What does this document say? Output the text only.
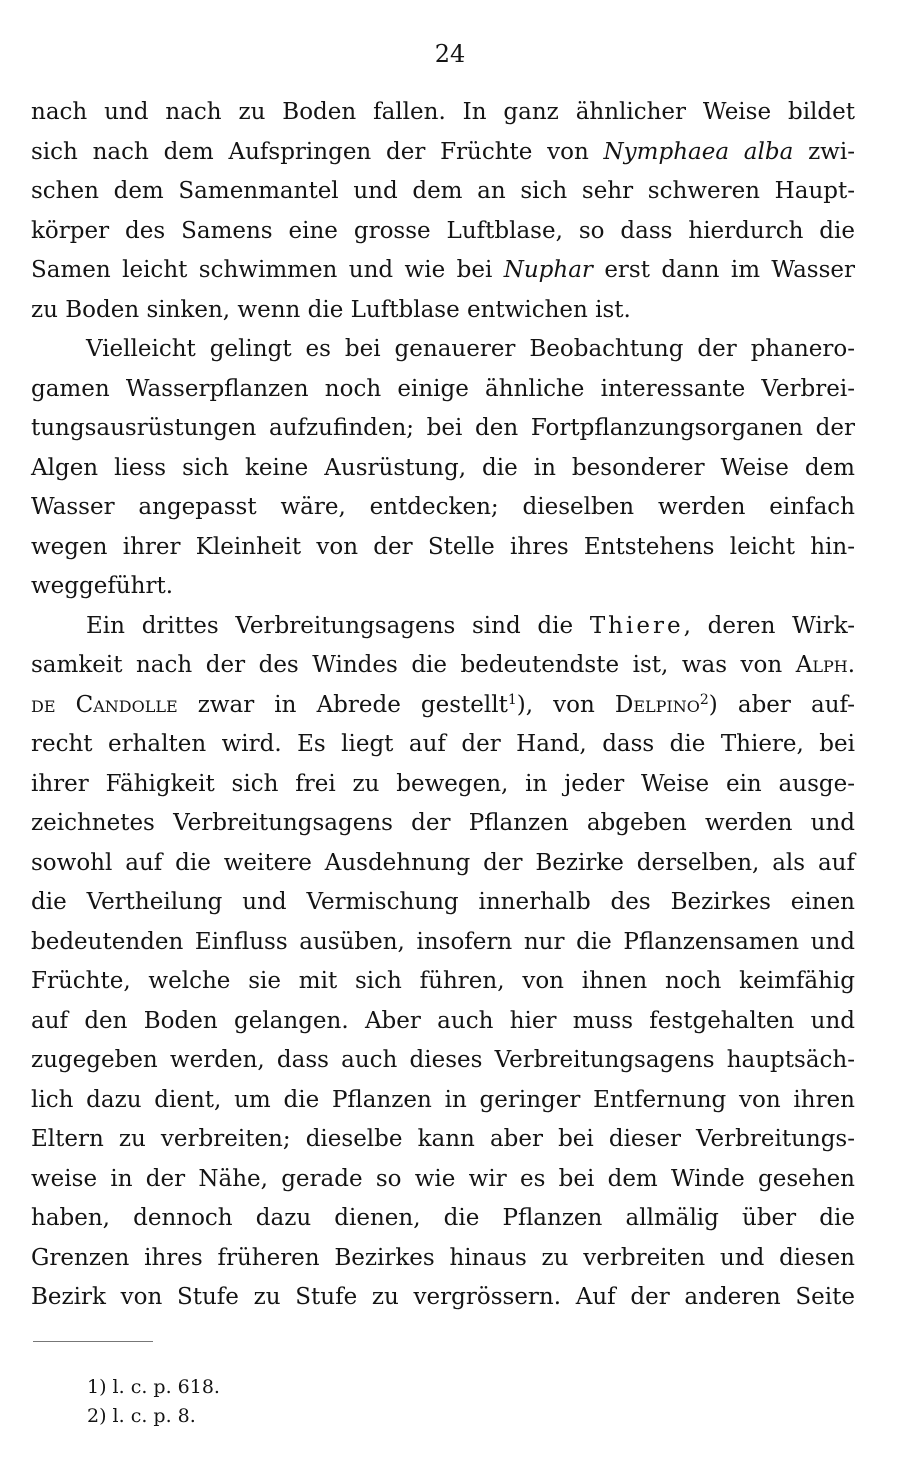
24
nach und nach zu Boden fallen. In ganz ähnlicher Weise bildet
sich nach dem Aufspringen der Früchte von Nymphaea alba zwi-
schen dem Samenmantel und dem an sich sehr schweren Haupt-
körper des Samens eine grosse Luftblase, so dass hierdurch die
Samen leicht schwimmen und wie bei Nuphar erst dann im Wasser
zu Boden sinken, wenn die Luftblase entwichen ist.
Vielleicht gelingt es bei genauerer Beobachtung der phanero-
gamen Wasserpflanzen noch einige ähnliche interessante Verbrei-
tungsausrüstungen aufzufinden; bei den Fortpflanzungsorganen der
Algen liess sich keine Ausrüstung, die in besonderer Weise dem
Wasser angepasst wäre, entdecken; dieselben werden einfach
wegen ihrer Kleinheit von der Stelle ihres Entstehens leicht hin-
weggeführt.
Ein drittes Verbreitungsagens sind die Thiere, deren Wirk-
samkeit nach der des Windes die bedeutendste ist, was von Alph.
de Candolle zwar in Abrede gestellt$^1$), von Delpino$^2$) aber auf-
recht erhalten wird. Es liegt auf der Hand, dass die Thiere, bei
ihrer Fähigkeit sich frei zu bewegen, in jeder Weise ein ausge-
zeichnetes Verbreitungsagens der Pflanzen abgeben werden und
sowohl auf die weitere Ausdehnung der Bezirke derselben, als auf
die Vertheilung und Vermischung innerhalb des Bezirkes einen
bedeutenden Einfluss ausüben, insofern nur die Pflanzensamen und
Früchte, welche sie mit sich führen, von ihnen noch keimfähig
auf den Boden gelangen. Aber auch hier muss festgehalten und
zugegeben werden, dass auch dieses Verbreitungsagens hauptsäch-
lich dazu dient, um die Pflanzen in geringer Entfernung von ihren
Eltern zu verbreiten; dieselbe kann aber bei dieser Verbreitungs-
weise in der Nähe, gerade so wie wir es bei dem Winde gesehen
haben, dennoch dazu dienen, die Pflanzen allmälig über die
Grenzen ihres früheren Bezirkes hinaus zu verbreiten und diesen
Bezirk von Stufe zu Stufe zu vergrössern. Auf der anderen Seite
1) l. c. p. 618.
2) l. c. p. 8.
